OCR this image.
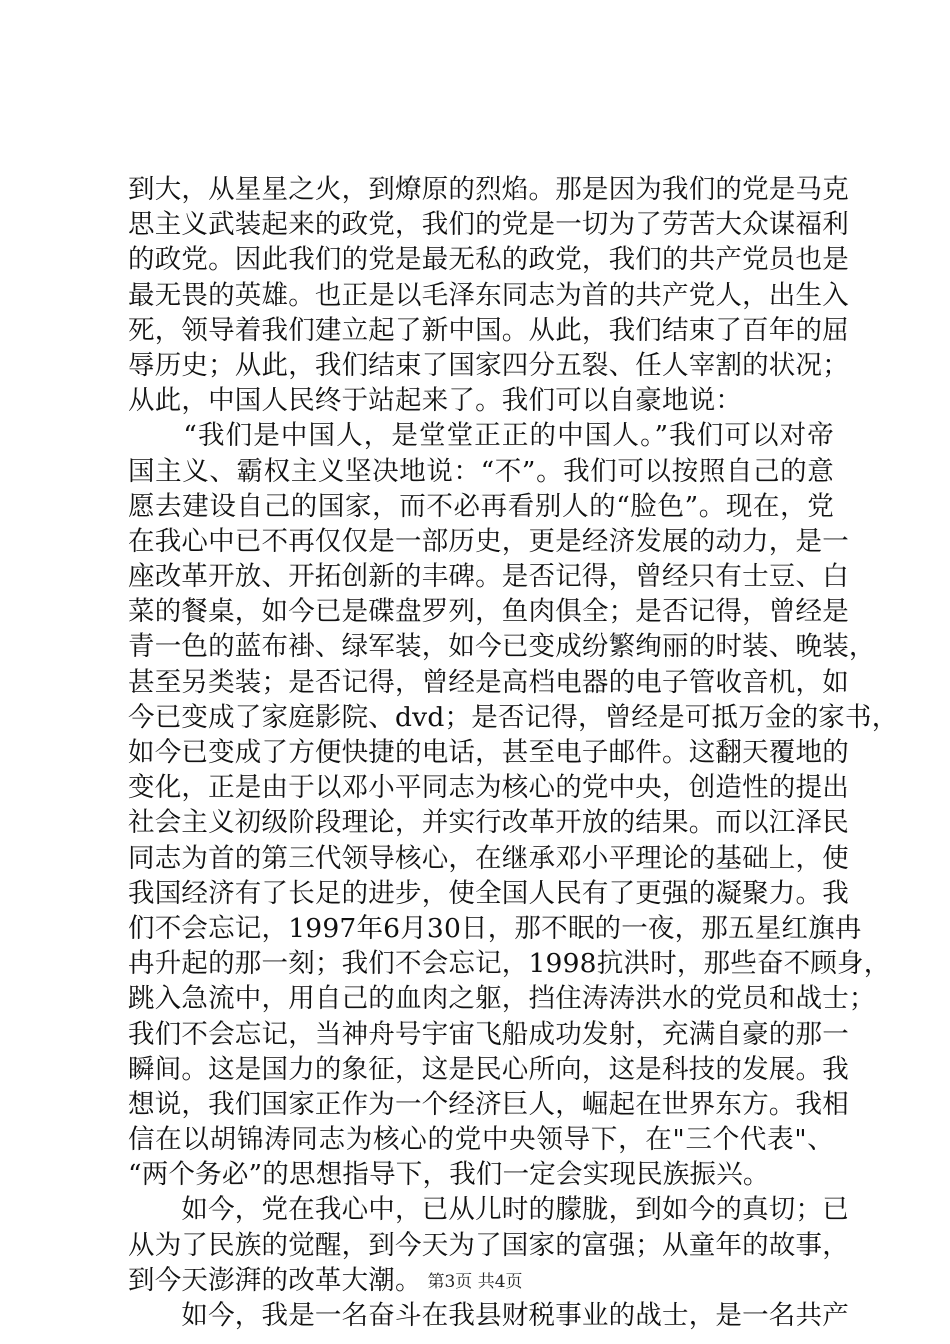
到大，从星星之火，到燎原的烈焰。那是因为我们的党是马克
思主义武装起来的政党，我们的党是一切为了劳苦大众谋福利
的政党。因此我们的党是最无私的政党，我们的共产党员也是
最无畏的英雄。也正是以毛泽东同志为首的共产党人，出生入
死，领导着我们建立起了新中国。从此，我们结束了百年的屈
辱历史；从此，我们结束了国家四分五裂、任人宰割的状况；
从此，中国人民终于站起来了。我们可以自豪地说：
　　“我们是中国人，是堂堂正正的中国人。”我们可以对帝
国主义、霸权主义坚决地说：“不”。我们可以按照自己的意
愿去建设自己的国家，而不必再看别人的“脸色”。现在，党
在我心中已不再仅仅是一部历史，更是经济发展的动力，是一
座改革开放、开拓创新的丰碑。是否记得，曾经只有士豆、白
菜的餐桌，如今已是碟盘罗列，鱼肉俱全；是否记得，曾经是
青一色的蓝布褂、绿军装，如今已变成纷繁绚丽的时装、晚装，
甚至另类装；是否记得，曾经是高档电器的电子管收音机，如
今已变成了家庭影院、dvd；是否记得，曾经是可抵万金的家书，
如今已变成了方便快捷的电话，甚至电子邮件。这翻天覆地的
变化，正是由于以邓小平同志为核心的党中央，创造性的提出
社会主义初级阶段理论，并实行改革开放的结果。而以江泽民
同志为首的第三代领导核心，在继承邓小平理论的基础上，使
我国经济有了长足的进步，使全国人民有了更强的凝聚力。我
们不会忘记，1997年6月30日，那不眠的一夜，那五星红旗冉
冉升起的那一刻；我们不会忘记，1998抗洪时，那些奋不顾身，
跳入急流中，用自己的血肉之躯，挡住涛涛洪水的党员和战士；
我们不会忘记，当神舟号宇宙飞船成功发射，充满自豪的那一
瞬间。这是国力的象征，这是民心所向，这是科技的发展。我
想说，我们国家正作为一个经济巨人，崛起在世界东方。我相
信在以胡锦涛同志为核心的党中央领导下，在"三个代表"、
“两个务必”的思想指导下，我们一定会实现民族振兴。
　　如今，党在我心中，已从儿时的朦胧，到如今的真切；已
从为了民族的觉醒，到今天为了国家的富强；从童年的故事，
到今天澎湃的改革大潮。
　　如今，我是一名奋斗在我县财税事业的战士，是一名共产
第3页 共4页
